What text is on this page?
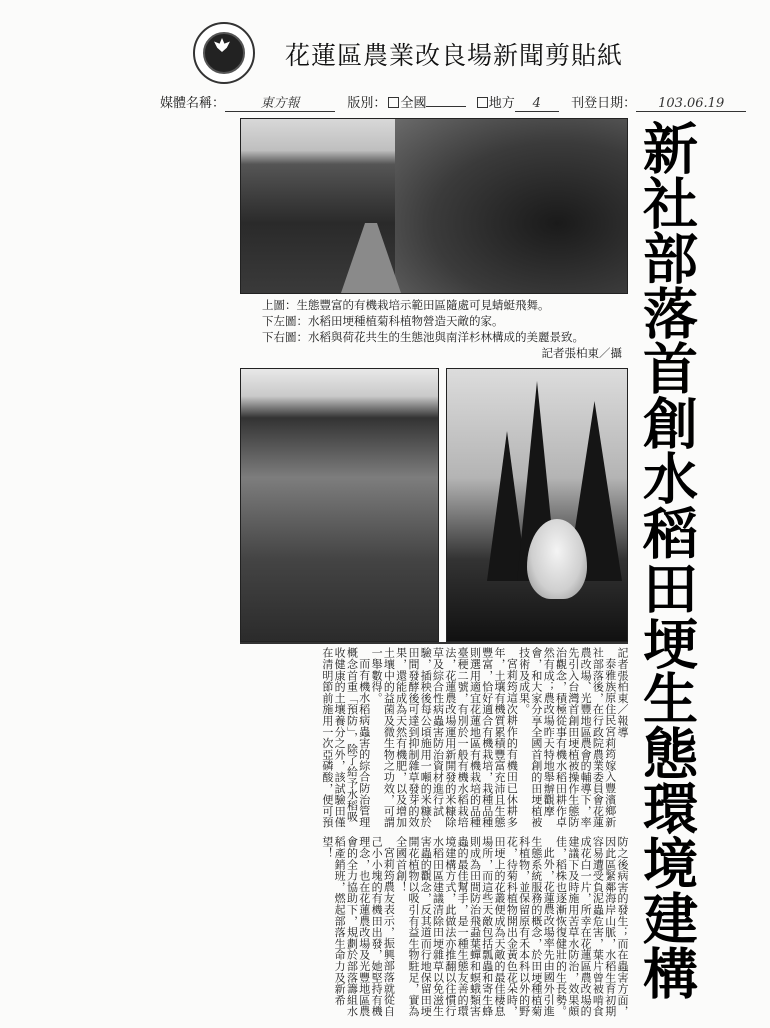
花蓮區農業改良場新聞剪貼紙
媒體名稱：	東方報	版別： 全國	地方 4 刊登日期： 103.06.19
上圖：生態豐富的有機栽培示範田區隨處可見蜻蜓飛舞。
下左圖：水稻田埂種植菊科植物營造天敵的家。
下右圖：水稻與荷花共生的生態池與南洋杉林構成的美麗景致。
記者張柏東／攝 新社部落首創水稻田埂生態環境建構

記者張柏東／報導

泰雅族原住民宮莉筠嫁入豐濱鄉新社部落後，在行政院農業委員會花蓮農改場、光豐地區農會的輔導下，率先引入台灣首創田埂植被操作生態防治觀念，積極從事有機水稻田耕作卓然有成；農改場昨天特地舉辦觀摩會，和大家分享全國首創的田埂植被技術及成果。

宮莉筠這次耕作的有機田已休耕多年，土壤有機質累積豐富充沛且生態豐富，恰好適合有機栽培，栽種品種則選用適宜花蓮地區有機栽培的品種臺稉二號，有別於一般有機水稻栽培法，花蓮農改場運用新開發的米糠除草及綜合性病蟲害防治資材進行試驗，插秧後每公頃施用一噸的米糠於田間發酵後可達到抑制雜草發芽的效果，還能成為天然有機肥，以及增加土壤中的益菌及微生物之功效，可謂一舉數得。

而有機水稻病蟲害的綜合防治管理概念首重「預防」，除了給予水稻吸收健康的土壤養分之外，該試驗田僅在清明節前施用一次亞磷酸，便可預

防之後病害的發生；而在蟲害方面，因此區緊鄰海岸山脈，水稻生育初期容易遭受負泥蟲危害，葉片曾被啃食成花白一片，所幸在花蓮區農改場的建議下及時施用苦草水防治，效果頗佳，稻株也逐漸恢復健壯的生長勢。

此外，花蓮農改場率先由國外引進生態系統服務的概念，於田埂種植菊科植物，並保留原有禾本科以外的野花，待菊科植物開出金黃色花朵時，田埂上的花叢便成為天敵的最佳棲息場所，而這些天敵包括瓢蟲和寄生蜂則成為田間防治飛蝨葉蟬和螟蛾類害蟲的最佳幫手，是一種生態友善的環境建構方式，此做法亦推翻以往慣行水稻田區建議清除田埂雜草以免滋生害蟲的觀念，反其道而行地保留田埂開花植物以吸引有益生物駐足，實為全國首創！

宮莉筠農友表示，振興部落就從自己小小塊的有機田出發，她堅持有機理念，也在花蓮農改場及光豐地區農會的全力協助下，規劃於部落籌組水稻產銷班，燃起部落生命力及新希望！
